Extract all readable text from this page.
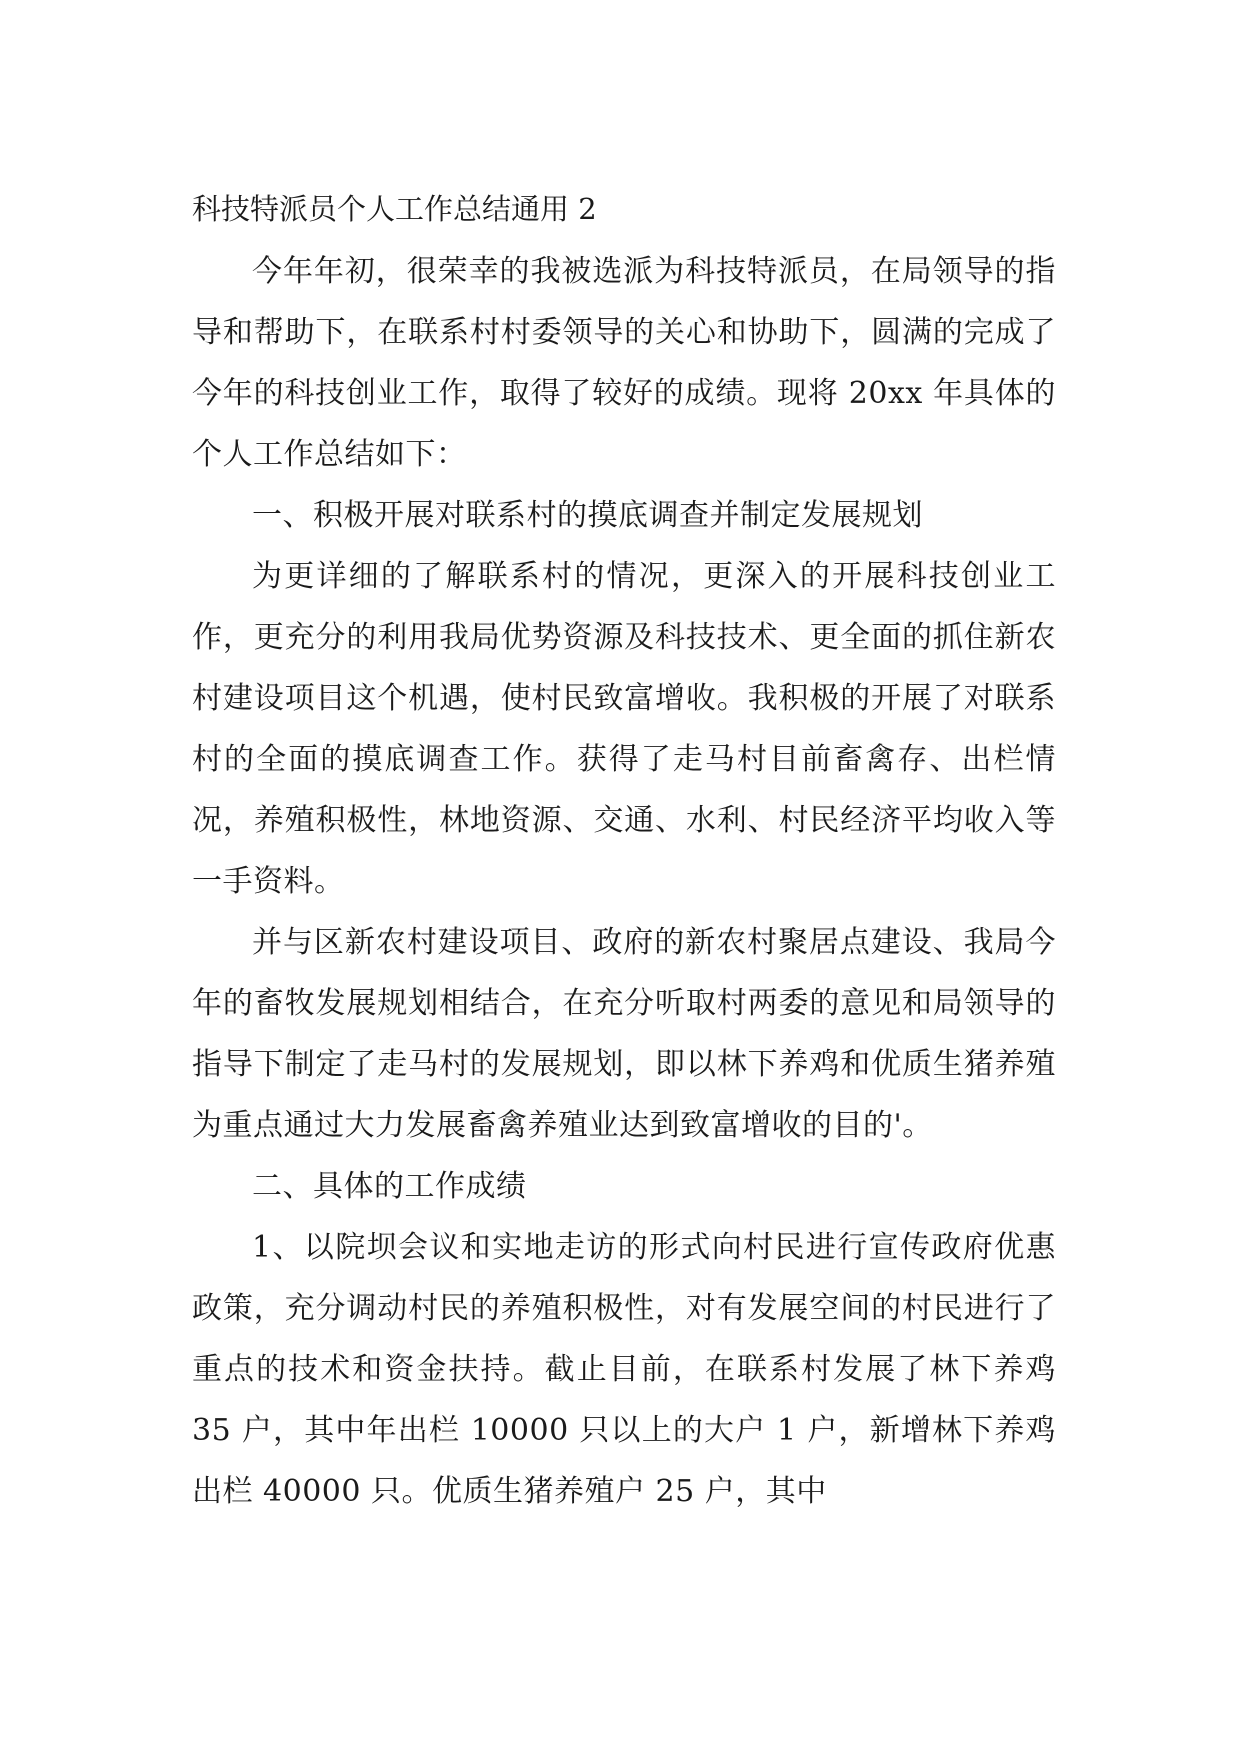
科技特派员个人工作总结通用 2

今年年初，很荣幸的我被选派为科技特派员，在局领导的指导和帮助下，在联系村村委领导的关心和协助下，圆满的完成了今年的科技创业工作，取得了较好的成绩。现将 20xx 年具体的个人工作总结如下：

一、积极开展对联系村的摸底调查并制定发展规划

为更详细的了解联系村的情况，更深入的开展科技创业工作，更充分的利用我局优势资源及科技技术、更全面的抓住新农村建设项目这个机遇，使村民致富增收。我积极的开展了对联系村的全面的摸底调查工作。获得了走马村目前畜禽存、出栏情况，养殖积极性，林地资源、交通、水利、村民经济平均收入等一手资料。

并与区新农村建设项目、政府的新农村聚居点建设、我局今年的畜牧发展规划相结合，在充分听取村两委的意见和局领导的指导下制定了走马村的发展规划，即以林下养鸡和优质生猪养殖为重点通过大力发展畜禽养殖业达到致富增收的目的'。

二、具体的工作成绩

1、以院坝会议和实地走访的形式向村民进行宣传政府优惠政策，充分调动村民的养殖积极性，对有发展空间的村民进行了重点的技术和资金扶持。截止目前，在联系村发展了林下养鸡 35 户，其中年出栏 10000 只以上的大户 1 户，新增林下养鸡出栏 40000 只。优质生猪养殖户 25 户，其中
